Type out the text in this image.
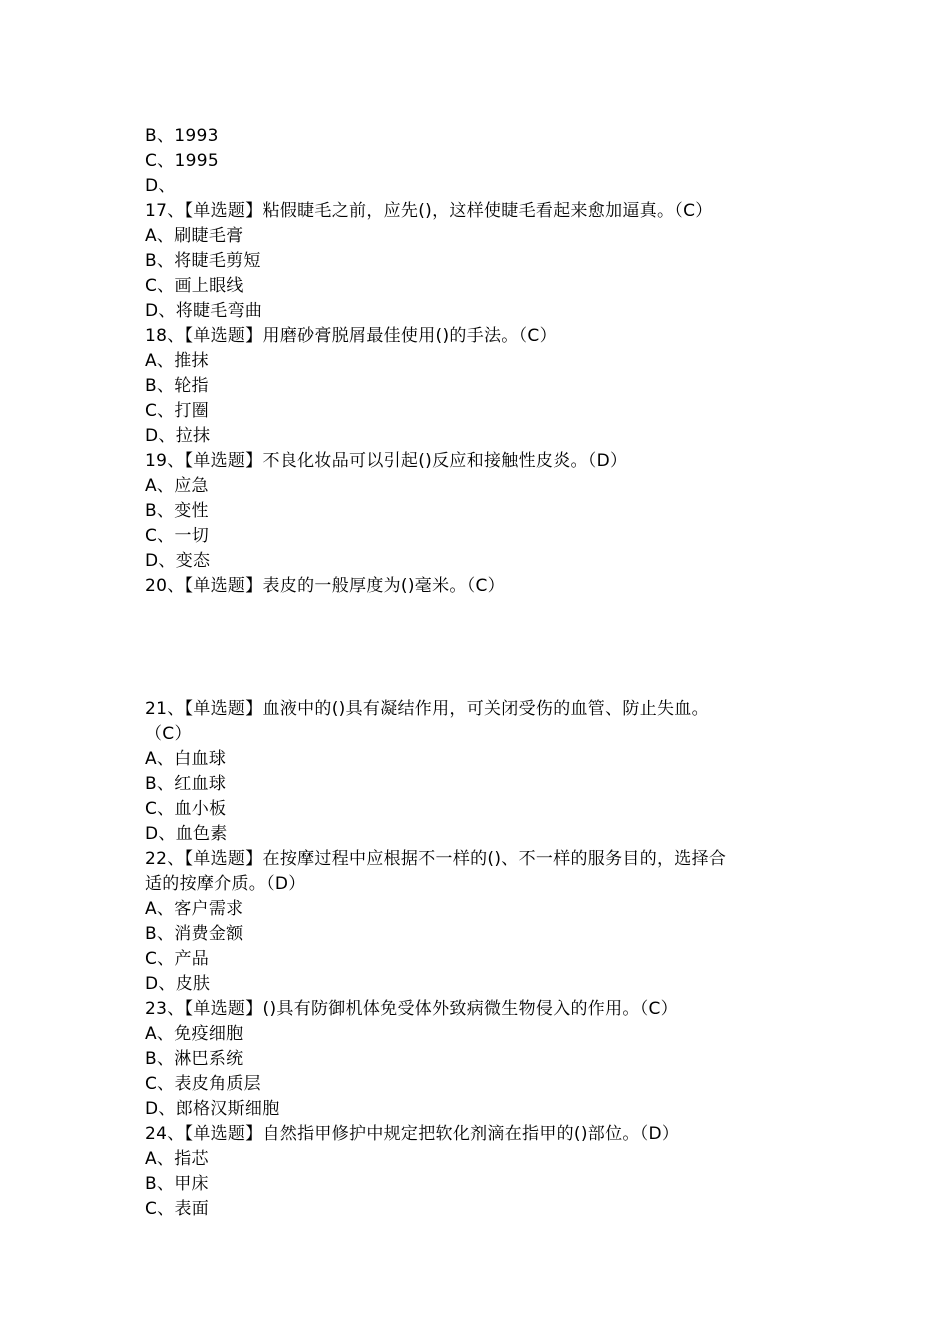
B、1993
C、1995
D、
17、【单选题】粘假睫毛之前，应先()，这样使睫毛看起来愈加逼真。（C）
A、刷睫毛膏
B、将睫毛剪短
C、画上眼线
D、将睫毛弯曲
18、【单选题】用磨砂膏脱屑最佳使用()的手法。（C）
A、推抹
B、轮指
C、打圈
D、拉抹
19、【单选题】不良化妆品可以引起()反应和接触性皮炎。（D）
A、应急
B、变性
C、一切
D、变态
20、【单选题】表皮的一般厚度为()毫米。（C）
21、【单选题】血液中的()具有凝结作用，可关闭受伤的血管、防止失血。
（C）
A、白血球
B、红血球
C、血小板
D、血色素
22、【单选题】在按摩过程中应根据不一样的()、不一样的服务目的，选择合
适的按摩介质。（D）
A、客户需求
B、消费金额
C、产品
D、皮肤
23、【单选题】()具有防御机体免受体外致病微生物侵入的作用。（C）
A、免疫细胞
B、淋巴系统
C、表皮角质层
D、郎格汉斯细胞
24、【单选题】自然指甲修护中规定把软化剂滴在指甲的()部位。（D）
A、指芯
B、甲床
C、表面
